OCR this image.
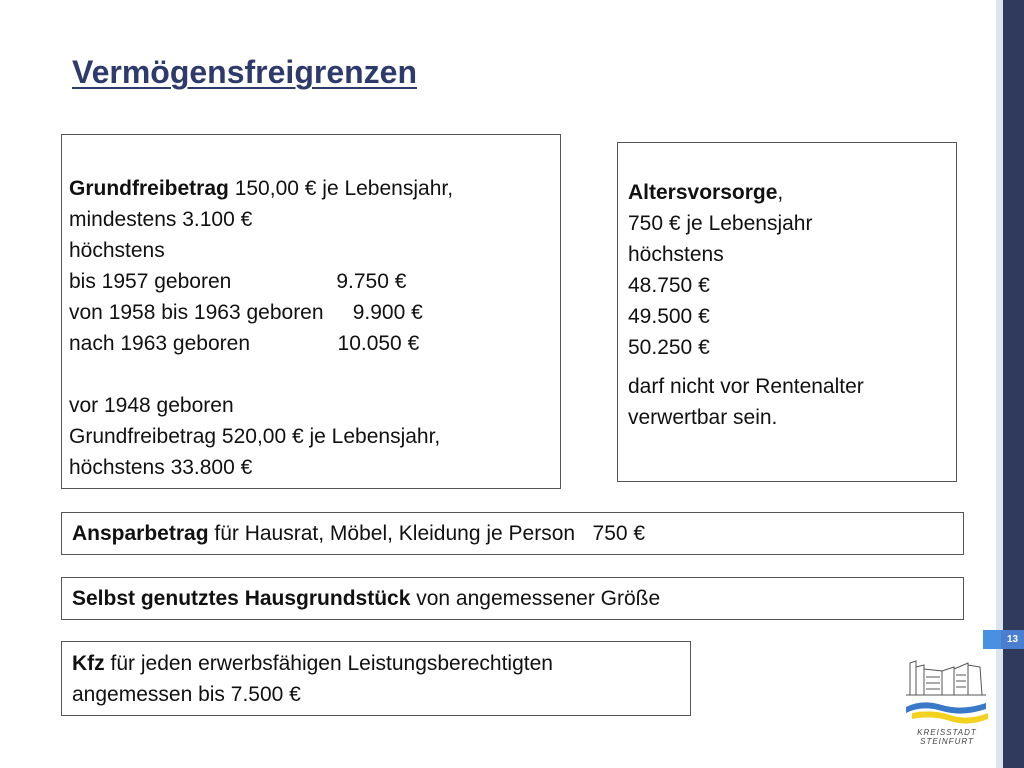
13
Vermögensfreigrenzen
Grundfreibetrag 150,00 € je Lebensjahr,
mindestens 3.100 €
höchstens
bis 1957 geboren                  9.750 €
von 1958 bis 1963 geboren     9.900 €
nach 1963 geboren               10.050 €
vor 1948 geboren
Grundfreibetrag 520,00 € je Lebensjahr,
höchstens 33.800 €
Altersvorsorge,
750 € je Lebensjahr
höchstens
48.750 €
49.500 €
50.250 €
darf nicht vor Rentenalter
verwertbar sein.
Ansparbetrag für Hausrat, Möbel, Kleidung je Person   750 €
Selbst genutztes Hausgrundstück von angemessener Größe
Kfz für jeden erwerbsfähigen Leistungsberechtigten
angemessen bis 7.500 €
KREISSTADT
STEINFURT
